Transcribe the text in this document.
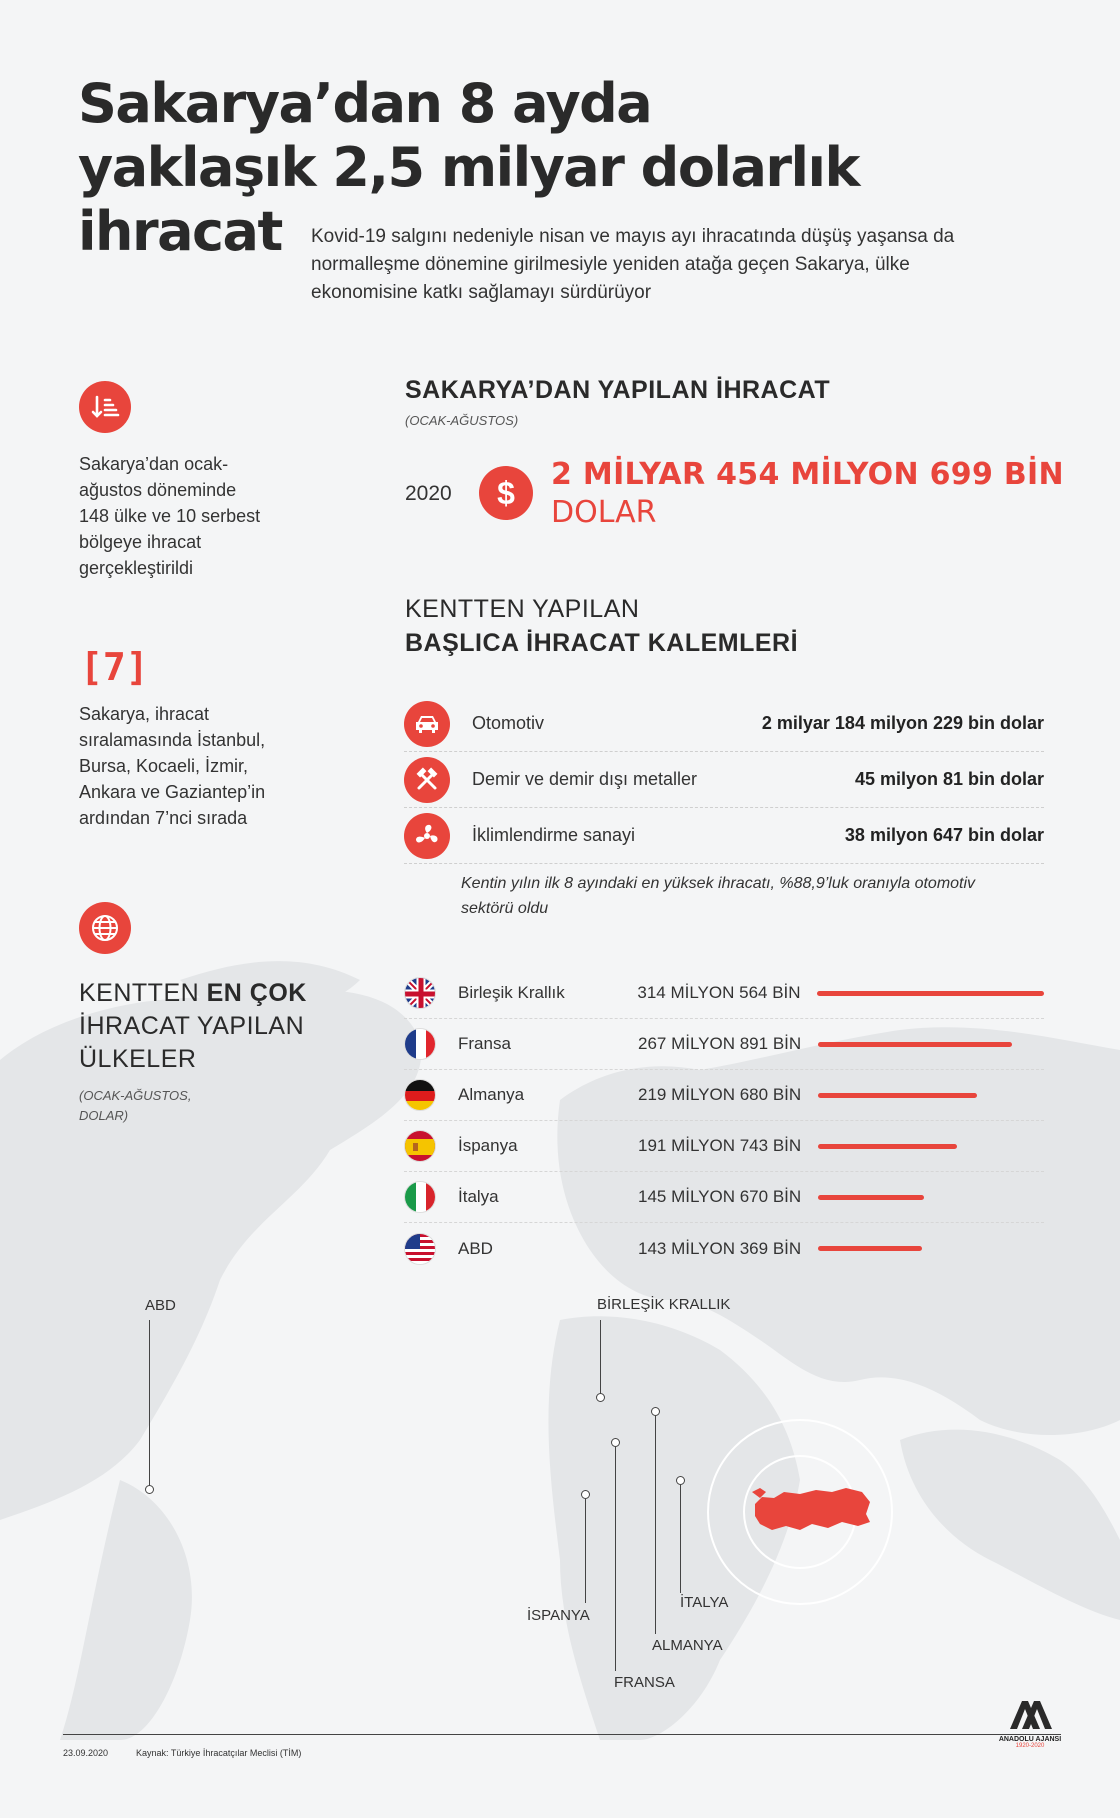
Sakarya’dan 8 ayda
yaklaşık 2,5 milyar dolarlık
ihracat	Kovid-19 salgını nedeniyle nisan ve mayıs ayı ihracatında düşüş yaşansa da normalleşme dönemine girilmesiyle yeniden atağa geçen Sakarya, ülke ekonomisine katkı sağlamayı sürdürüyor
Sakarya’dan ocak-ağustos döneminde 148 ülke ve 10 serbest bölgeye ihracat gerçekleştirildi
[7]
Sakarya, ihracat sıralamasında İstanbul, Bursa, Kocaeli, İzmir, Ankara ve Gaziantep’in ardından 7’nci sırada
KENTTEN EN ÇOK
İHRACAT YAPILAN
ÜLKELER
(OCAK-AĞUSTOS,
DOLAR)
SAKARYA’DAN YAPILAN İHRACAT
(OCAK-AĞUSTOS)
2020	$	2 MİLYAR 454 MİLYON 699 BİN
DOLAR
KENTTEN YAPILAN
BAŞLICA İHRACAT KALEMLERİ
Otomotiv	2 milyar 184 milyon 229 bin dolar
Demir ve demir dışı metaller	45 milyon 81 bin dolar
İklimlendirme sanayi	38 milyon 647 bin dolar
Kentin yılın ilk 8 ayındaki en yüksek ihracatı, %88,9’luk oranıyla otomotiv sektörü oldu
Birleşik Krallık	314 MİLYON 564 BİN
Fransa	267 MİLYON 891 BİN
Almanya	219 MİLYON 680 BİN
İspanya	191 MİLYON 743 BİN
İtalya	145 MİLYON 670 BİN
ABD	143 MİLYON 369 BİN
ABD	BİRLEŞİK KRALLIK
ALMANYA
FRANSA
İSPANYA
İTALYA
23.09.2020	Kaynak: Türkiye İhracatçılar Meclisi (TİM)
ANADOLU AJANSI
1920-2020
